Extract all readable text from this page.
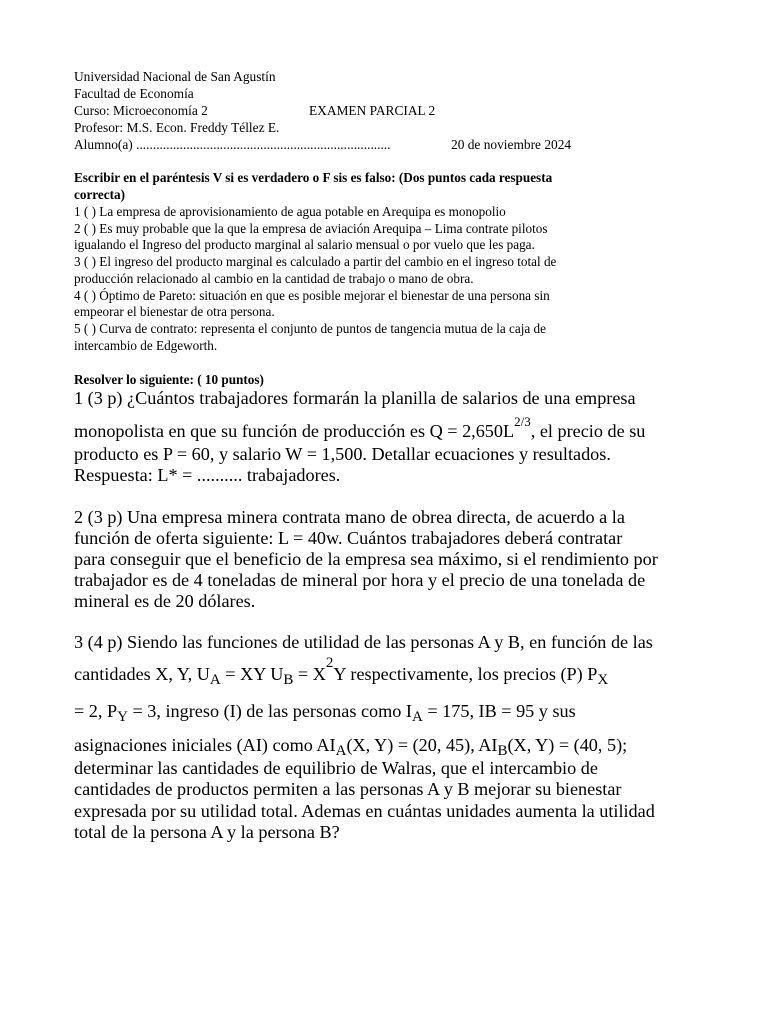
Universidad Nacional de San Agustín
Facultad de Economía
Curso: Microeconomía 2	EXAMEN PARCIAL 2
Profesor: M.S. Econ. Freddy Téllez E.
Alumno(a) ............................................................................	20 de noviembre 2024
Escribir en el paréntesis V si es verdadero o F sis es falso: (Dos puntos cada respuesta
correcta)
1 ( ) La empresa de aprovisionamiento de agua potable en Arequipa es monopolio
2 ( ) Es muy probable que la que la empresa de aviación Arequipa – Lima contrate pilotos
igualando el Ingreso del producto marginal al salario mensual o por vuelo que les paga.
3 ( ) El ingreso del producto marginal es calculado a partir del cambio en el ingreso total de
producción relacionado al cambio en la cantidad de trabajo o mano de obra.
4 ( ) Óptimo de Pareto: situación en que es posible mejorar el bienestar de una persona sin
empeorar el bienestar de otra persona.
5 ( ) Curva de contrato: representa el conjunto de puntos de tangencia mutua de la caja de
intercambio de Edgeworth.
Resolver lo siguiente: ( 10 puntos)
1 (3 p) ¿Cuántos trabajadores formarán la planilla de salarios de una empresa
monopolista en que su función de producción es $Q = 2,650L^{2/3}$, el precio de su
producto es P = 60, y salario W = 1,500. Detallar ecuaciones y resultados.
Respuesta: L* = .......... trabajadores.
2 (3 p) Una empresa minera contrata mano de obrea directa, de acuerdo a la
función de oferta siguiente: L = 40w. Cuántos trabajadores deberá contratar
para conseguir que el beneficio de la empresa sea máximo, si el rendimiento por
trabajador es de 4 toneladas de mineral por hora y el precio de una tonelada de
mineral es de 20 dólares.
3 (4 p) Siendo las funciones de utilidad de las personas A y B, en función de las
cantidades X, Y, $U_A$ = XY $U_B = X^2Y$ respectivamente, los precios (P) $P_X$
= 2, $P_Y = 3$, ingreso (I) de las personas como $I_A = 175$, IB = 95 y sus
asignaciones iniciales (AI) como $AI_A(X$, Y) = (20, 45), $AI_B(X$, Y) = (40, 5);
determinar las cantidades de equilibrio de Walras, que el intercambio de
cantidades de productos permiten a las personas A y B mejorar su bienestar
expresada por su utilidad total. Ademas en cuántas unidades aumenta la utilidad
total de la persona A y la persona B?
